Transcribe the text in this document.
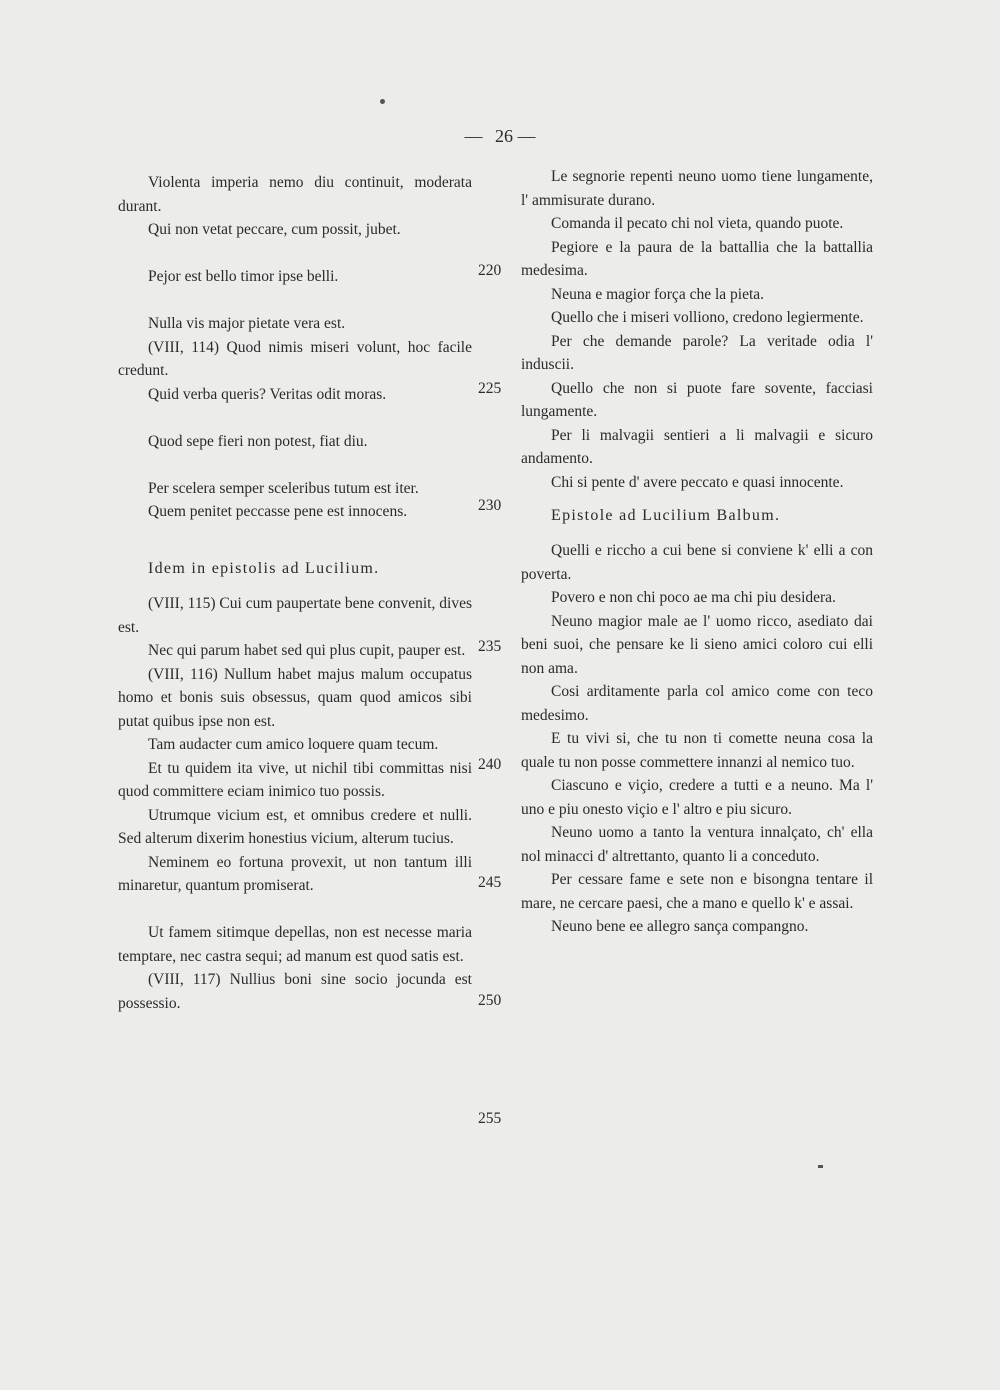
— 26 —

Violenta imperia nemo diu continuit, moderata durant.

Qui non vetat peccare, cum possit, jubet.

Pejor est bello timor ipse belli.

Nulla vis major pietate vera est.

(VIII, 114) Quod nimis miseri volunt, hoc facile credunt.

Quid verba queris? Veritas odit moras.

Quod sepe fieri non potest, fiat diu.

Per scelera semper sceleribus tutum est iter.

Quem penitet peccasse pene est innocens.

Idem in epistolis ad Lucilium.

(VIII, 115) Cui cum paupertate bene convenit, dives est.

Nec qui parum habet sed qui plus cupit, pauper est.

(VIII, 116) Nullum habet majus malum occupatus homo et bonis suis obsessus, quam quod amicos sibi putat quibus ipse non est.

Tam audacter cum amico loquere quam tecum.

Et tu quidem ita vive, ut nichil tibi committas nisi quod committere eciam inimico tuo possis.

Utrumque vicium est, et omnibus credere et nulli. Sed alterum dixerim honestius vicium, alterum tucius.

Neminem eo fortuna provexit, ut non tantum illi minaretur, quantum promiserat.

Ut famem sitimque depellas, non est necesse maria temptare, nec castra sequi; ad manum est quod satis est.

(VIII, 117) Nullius boni sine socio jocunda est possessio.

220
225
230
235
240
245
250
255

Le segnorie repenti neuno uomo tiene lungamente, l' ammisurate durano.

Comanda il pecato chi nol vieta, quando puote.

Pegiore e la paura de la battallia che la battallia medesima.

Neuna e magior força che la pieta.

Quello che i miseri volliono, credono legiermente.

Per che demande parole? La veritade odia l' induscii.

Quello che non si puote fare sovente, facciasi lungamente.

Per li malvagii sentieri a li malvagii e sicuro andamento.

Chi si pente d' avere peccato e quasi innocente.

Epistole ad Lucilium Balbum.

Quelli e riccho a cui bene si conviene k' elli a con poverta.

Povero e non chi poco ae ma chi piu desidera.

Neuno magior male ae l' uomo ricco, asediato dai beni suoi, che pensare ke li sieno amici coloro cui elli non ama.

Cosi arditamente parla col amico come con teco medesimo.

E tu vivi si, che tu non ti comette neuna cosa la quale tu non posse commettere innanzi al nemico tuo.

Ciascuno e viçio, credere a tutti e a neuno. Ma l' uno e piu onesto viçio e l' altro e piu sicuro.

Neuno uomo a tanto la ventura innalçato, ch' ella nol minacci d' altrettanto, quanto li a conceduto.

Per cessare fame e sete non e bisongna tentare il mare, ne cercare paesi, che a mano e quello k' e assai.

Neuno bene ee allegro sança compangno.
